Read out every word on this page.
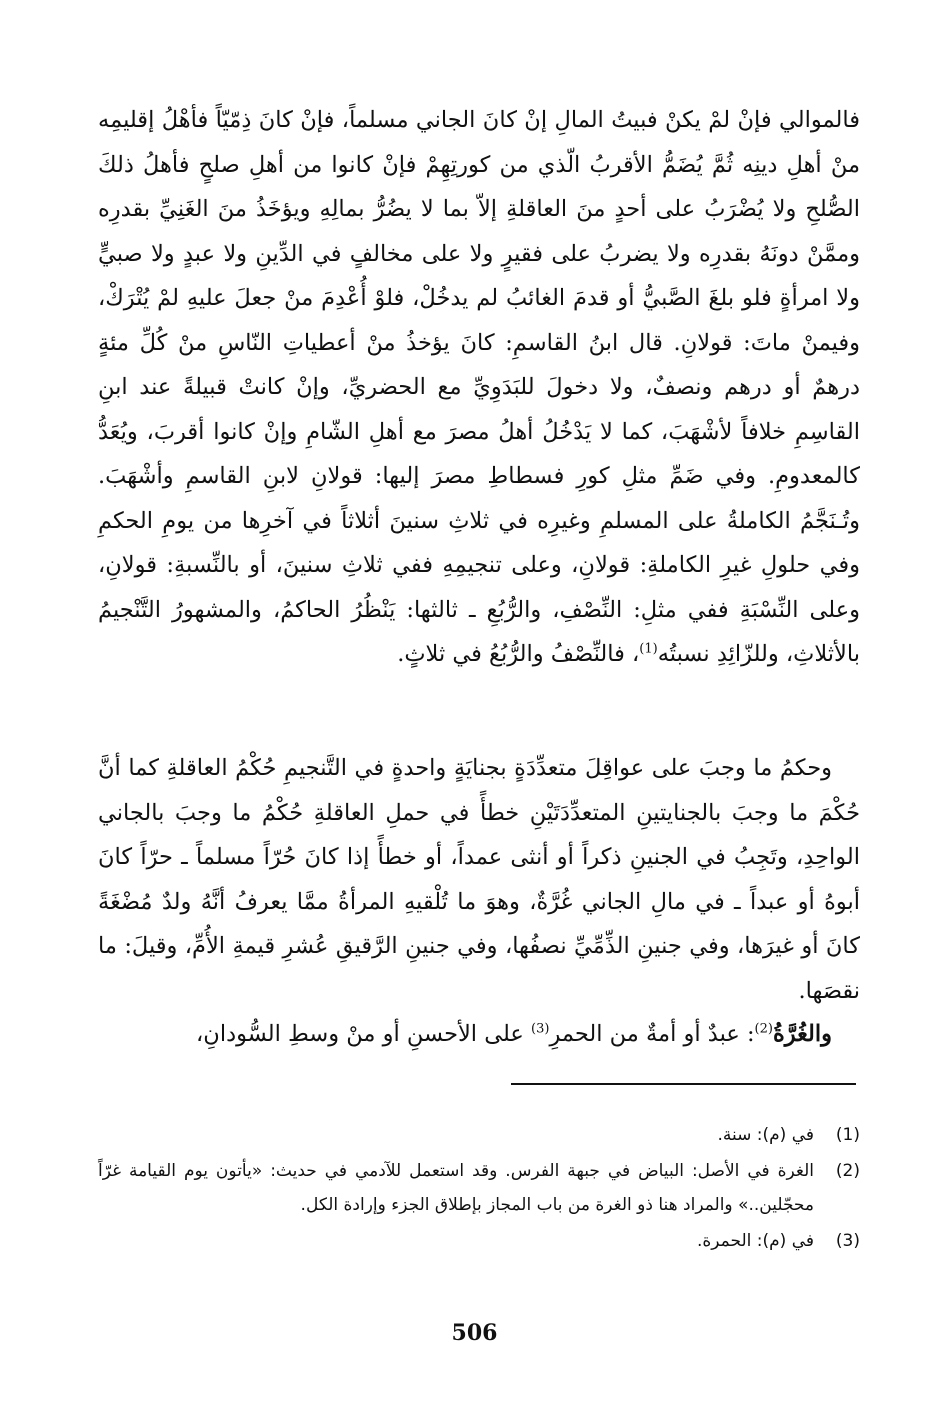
فالموالي فإنْ لمْ يكنْ فبيتُ المالِ إنْ كانَ الجاني مسلماً، فإنْ كانَ ذِمّيّاً فأهْلُ إقليمِه منْ أهلِ دينِه ثُمَّ يُضَمُّ الأقربُ الّذي من كورتِهِمْ فإنْ كانوا من أهلِ صلحٍ فأهلُ ذلكَ الصُّلحِ ولا يُضْرَبُ على أحدٍ منَ العاقلةِ إلاّ بما لا يضُرُّ بمالِهِ ويؤخَذُ منَ الغَنِيِّ بقدرِه وممَّنْ دونَهُ بقدرِه ولا يضربُ على فقيرٍ ولا على مخالفٍ في الدِّينِ ولا عبدٍ ولا صبيٍّ ولا امرأةٍ فلو بلغَ الصَّبيُّ أو قدمَ الغائبُ لم يدخُلْ، فلوْ أُعْدِمَ منْ جعلَ عليهِ لمْ يُتْرَكْ، وفيمنْ ماتَ: قولانِ. قال ابنُ القاسمِ: كانَ يؤخذُ منْ أعطياتِ النّاسِ منْ كُلِّ مئةٍ درهمٌ أو درهم ونصفٌ، ولا دخولَ للبَدَوِيِّ مع الحضريِّ، وإنْ كانتْ قبيلةً عند ابنِ القاسِمِ خلافاً لأشْهَبَ، كما لا يَدْخُلُ أهلُ مصرَ مع أهلِ الشّامِ وإنْ كانوا أقربَ، ويُعَدُّ كالمعدومِ. وفي ضَمِّ مثلِ كورِ فسطاطِ مصرَ إليها: قولانِ لابنِ القاسمِ وأشْهَبَ. وتُـنَجَّمُ الكاملةُ على المسلمِ وغيرِه في ثلاثِ سنينَ أثلاثاً في آخرِها من يومِ الحكمِ وفي حلولِ غيرِ الكاملةِ: قولانِ، وعلى تنجيمِهِ ففي ثلاثِ سنينَ، أو بالنِّسبةِ: قولانِ، وعلى النِّسْبَةِ ففي مثلِ: النِّصْفِ، والرُّبُعِ ـ ثالثها: يَنْظُرُ الحاكمُ، والمشهورُ التَّنْجيمُ بالأثلاثِ، وللزّائِدِ نسبتُه$^{(1)}$، فالنِّصْفُ والرُّبُعُ في ثلاثٍ.

وحكمُ ما وجبَ على عواقِلَ متعدِّدَةٍ بجنايَةٍ واحدةٍ في التَّنجيمِ حُكْمُ العاقلةِ كما أنَّ حُكْمَ ما وجبَ بالجنايتينِ المتعدِّدَتَيْنِ خطأً في حملِ العاقلةِ حُكْمُ ما وجبَ بالجاني الواحِدِ، وتَجِبُ في الجنينِ ذكراً أو أنثى عمداً، أو خطأً إذا كانَ حُرّاً مسلماً ـ حرّاً كانَ أبوهُ أو عبداً ـ في مالِ الجاني غُرَّةٌ، وهوَ ما تُلْقيهِ المرأةُ ممَّا يعرفُ أنَّهُ ولدٌ مُضْغَةً كانَ أو غيرَها، وفي جنينِ الذِّمِّيِّ نصفُها، وفي جنينِ الرَّقيقِ عُشرِ قيمةِ الأُمِّ، وقيلَ: ما نقصَها.

والغُرَّةُ$^{(2)}$: عبدٌ أو أمةٌ من الحمرِ$^{(3)}$ على الأحسنِ أو منْ وسطِ السُّودانِ،

(1)
في (م): سنة.
(2)
الغرة في الأصل: البياض في جبهة الفرس. وقد استعمل للآدمي في حديث: «يأتون يوم القيامة غرّاً محجّلين..» والمراد هنا ذو الغرة من باب المجاز بإطلاق الجزء وإرادة الكل.
(3)
في (م): الحمرة.
506
